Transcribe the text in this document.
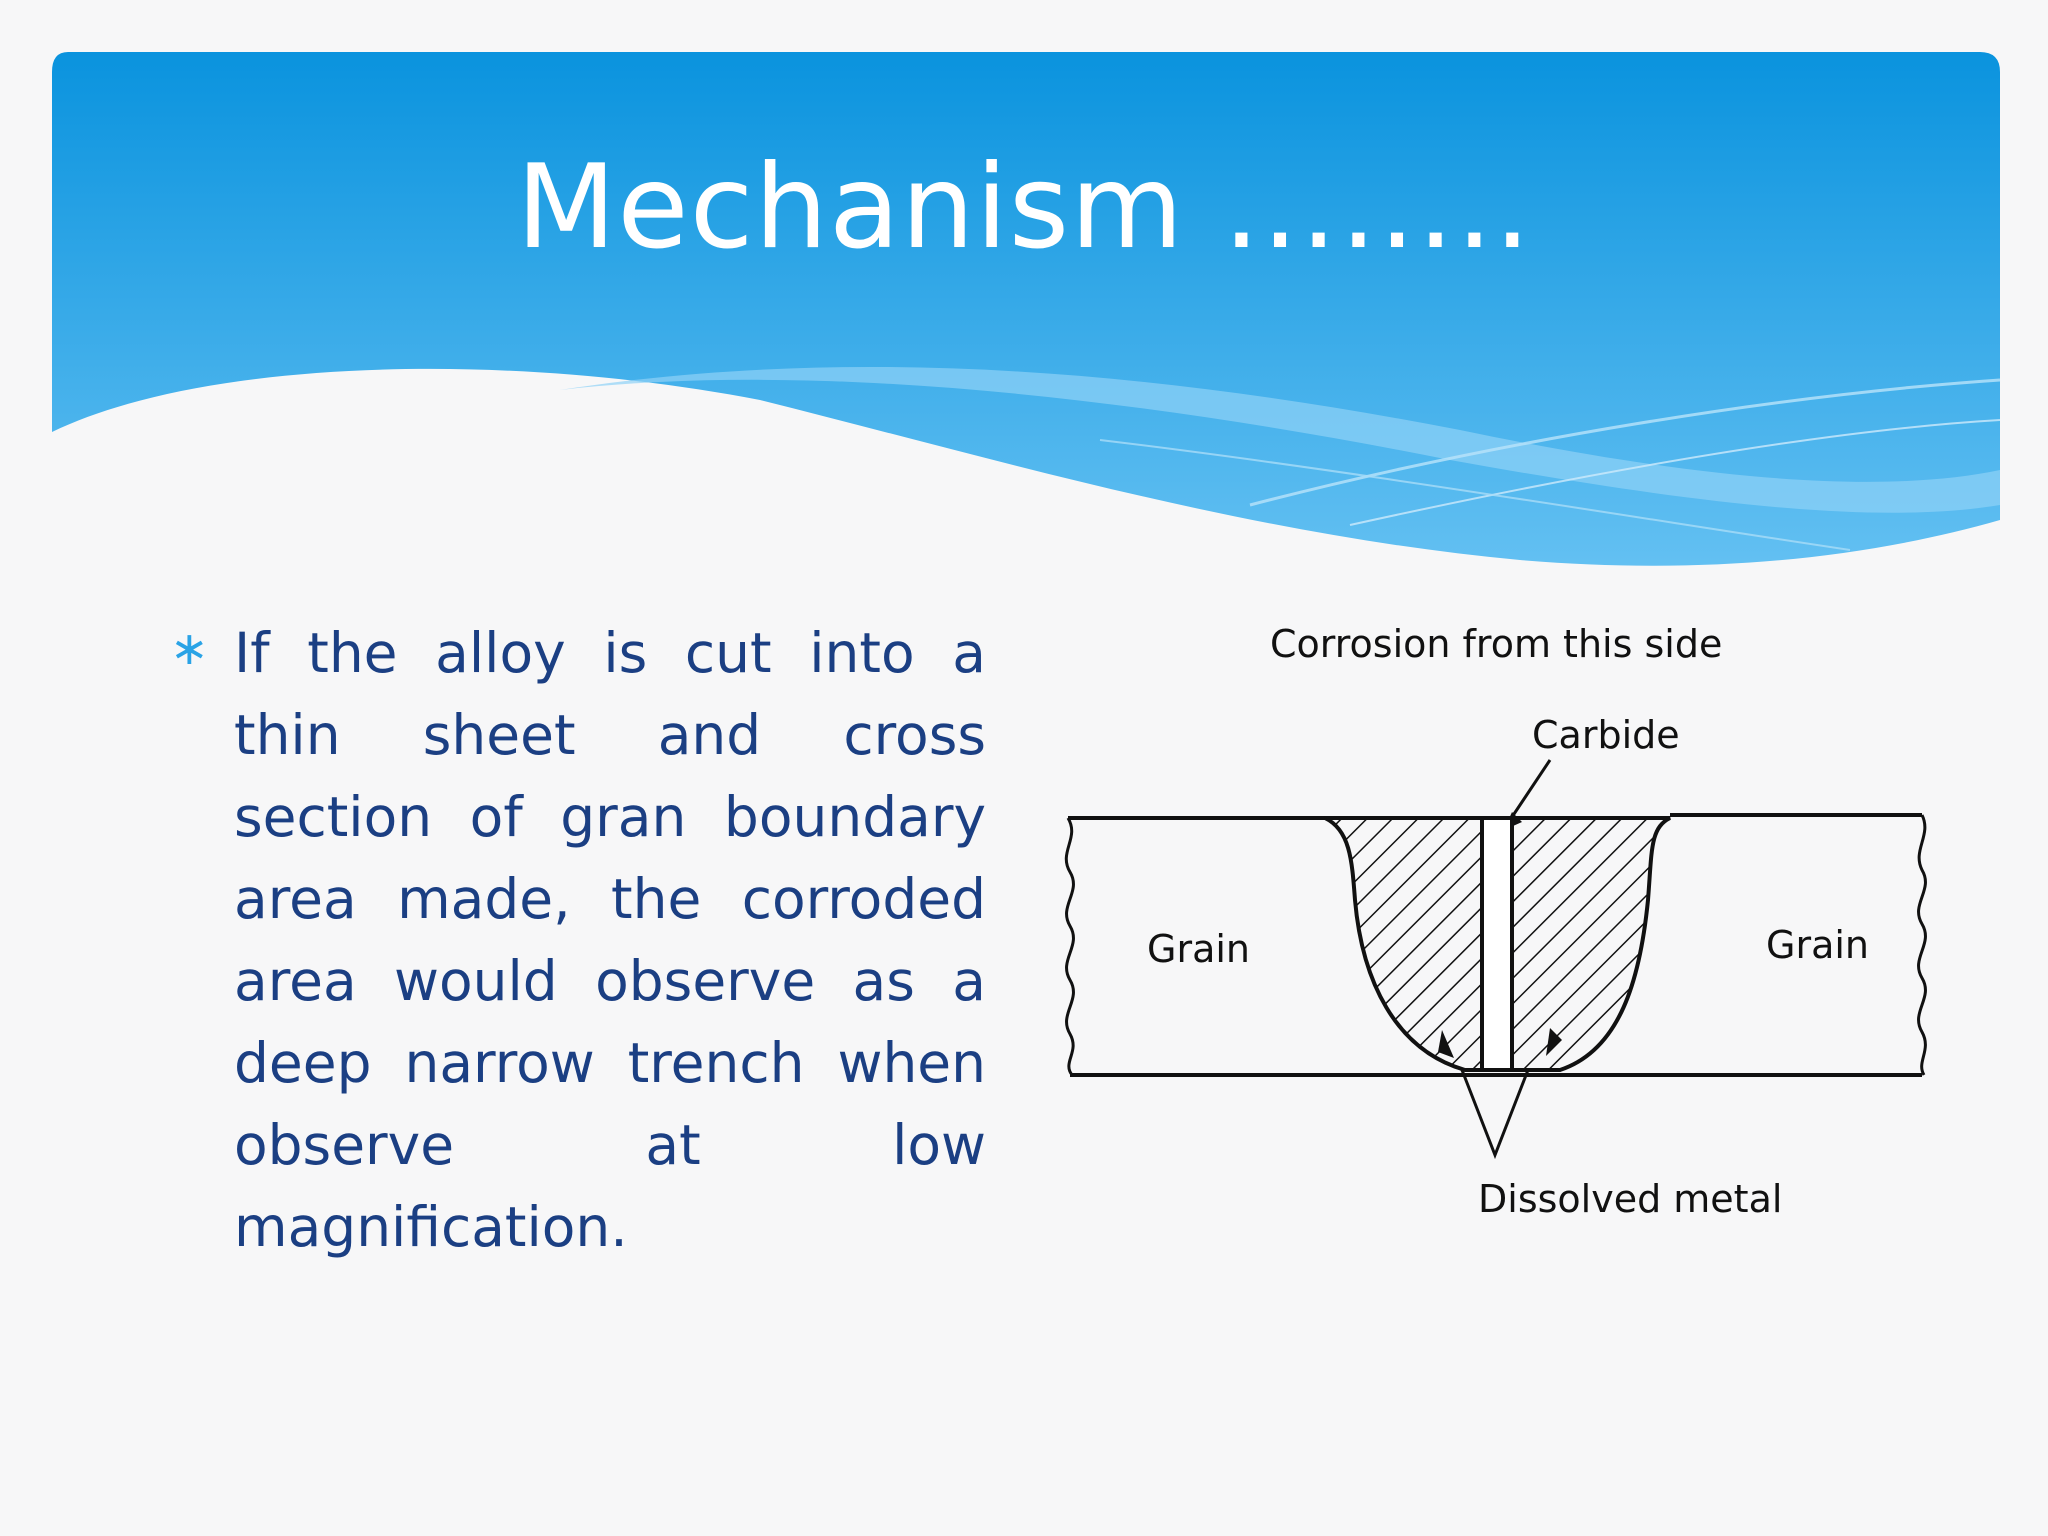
Mechanism ……..
∗ If the alloy is cut into a thin sheet and cross section of gran boundary area made, the corroded area would observe as a deep narrow trench when observe at low magnification.

Corrosion from this side
Carbide
Grain	Grain
Dissolved metal
